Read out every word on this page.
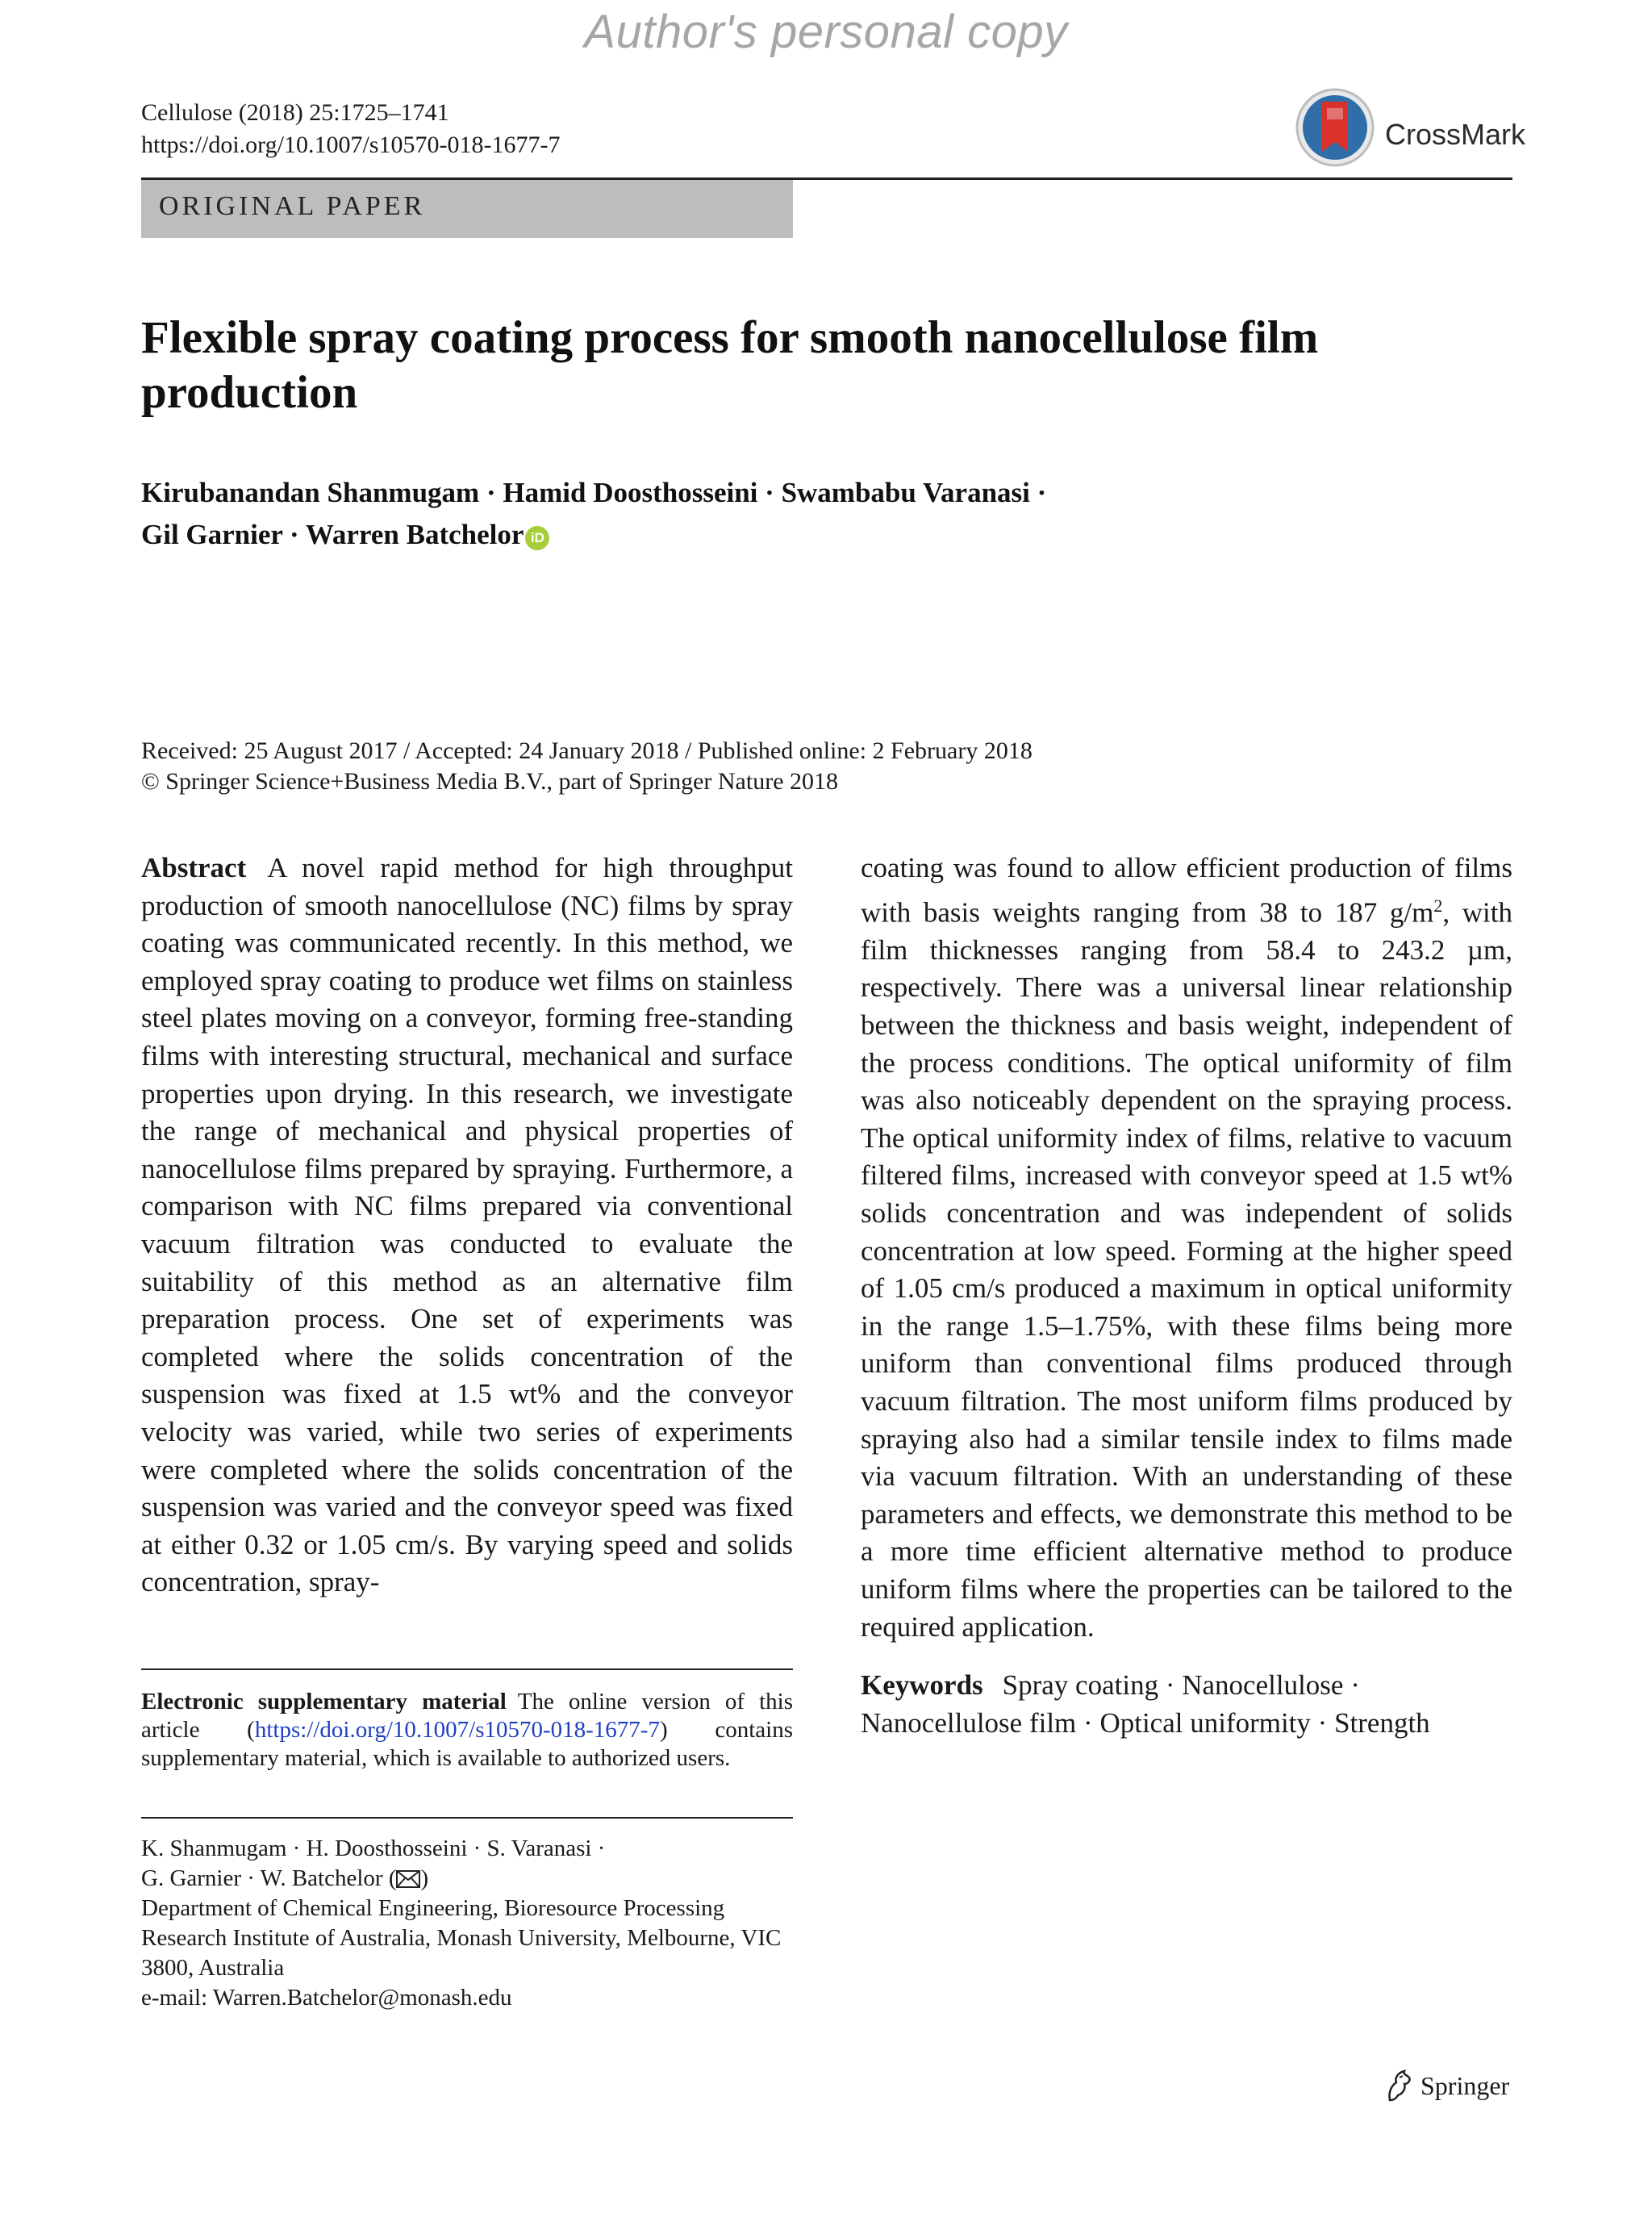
Author's personal copy
Cellulose (2018) 25:1725–1741
https://doi.org/10.1007/s10570-018-1677-7	CrossMark
ORIGINAL PAPER
Flexible spray coating process for smooth nanocellulose film production
Kirubanandan Shanmugam · Hamid Doosthosseini · Swambabu Varanasi ·
Gil Garnier · Warren Batchelor iD
Received: 25 August 2017 / Accepted: 24 January 2018 / Published online: 2 February 2018
© Springer Science+Business Media B.V., part of Springer Nature 2018
Abstract A novel rapid method for high throughput production of smooth nanocellulose (NC) films by spray coating was communicated recently. In this method, we employed spray coating to produce wet films on stainless steel plates moving on a conveyor, forming free-standing films with interesting structural, mechanical and surface properties upon drying. In this research, we investigate the range of mechanical and physical properties of nanocellulose films prepared by spraying. Furthermore, a comparison with NC films prepared via conventional vacuum filtration was conducted to evaluate the suitability of this method as an alternative film preparation process. One set of experiments was completed where the solids concentration of the suspension was fixed at 1.5 wt% and the conveyor velocity was varied, while two series of experiments were completed where the solids concentration of the suspension was varied and the conveyor speed was fixed at either 0.32 or 1.05 cm/s. By varying speed and solids concentration, spray-
coating was found to allow efficient production of films with basis weights ranging from 38 to 187 $g/m^2$, with film thicknesses ranging from 58.4 to 243.2 µm, respectively. There was a universal linear relationship between the thickness and basis weight, independent of the process conditions. The optical uniformity of film was also noticeably dependent on the spraying process. The optical uniformity index of films, relative to vacuum filtered films, increased with conveyor speed at 1.5 wt% solids concentration and was independent of solids concentration at low speed. Forming at the higher speed of 1.05 cm/s produced a maximum in optical uniformity in the range 1.5–1.75%, with these films being more uniform than conventional films produced through vacuum filtration. The most uniform films produced by spraying also had a similar tensile index to films made via vacuum filtration. With an understanding of these parameters and effects, we demonstrate this method to be a more time efficient alternative method to produce uniform films where the properties can be tailored to the required application.
Keywords Spray coating · Nanocellulose · Nanocellulose film · Optical uniformity · Strength
Electronic supplementary material The online version of this article (https://doi.org/10.1007/s10570-018-1677-7) contains supplementary material, which is available to authorized users.
K. Shanmugam · H. Doosthosseini · S. Varanasi ·
G. Garnier · W. Batchelor ( )
Department of Chemical Engineering, Bioresource Processing Research Institute of Australia, Monash University, Melbourne, VIC 3800, Australia
e-mail: Warren.Batchelor@monash.edu
Springer
